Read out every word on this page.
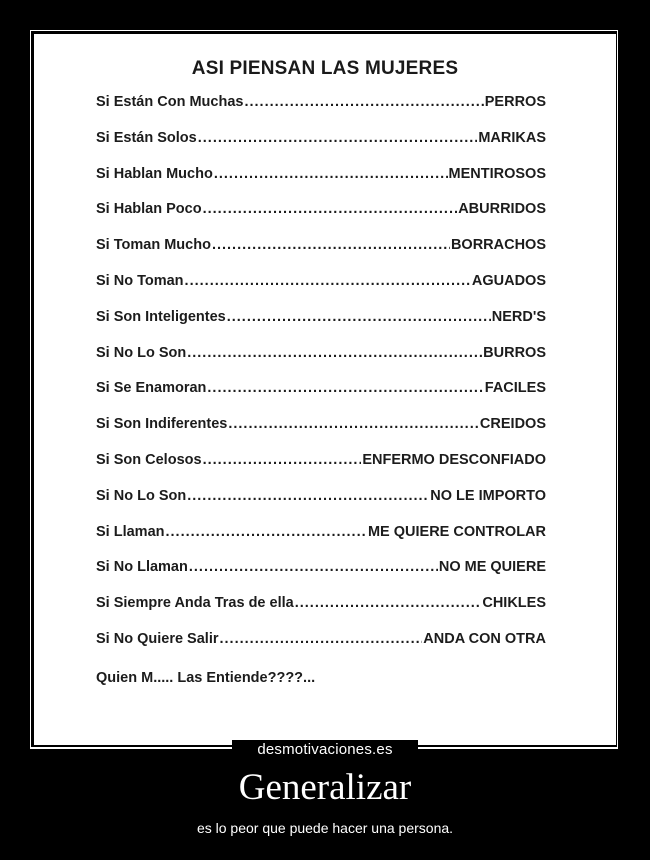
ASI PIENSAN LAS MUJERES
Si Están Con Muchas .....	PERROS
Si Están Solos .....	MARIKAS
Si Hablan Mucho .....	MENTIROSOS
Si Hablan Poco .....	ABURRIDOS
Si Toman Mucho .....	BORRACHOS
Si No Toman .....	AGUADOS
Si Son Inteligentes .....	NERD'S
Si No Lo Son .....	BURROS
Si Se Enamoran .....	FACILES
Si Son Indiferentes .....	CREIDOS
Si Son Celosos .....	ENFERMO DESCONFIADO
Si No Lo Son .....	NO LE IMPORTO
Si Llaman .....	ME QUIERE CONTROLAR
Si No Llaman .....	NO ME QUIERE
Si Siempre Anda Tras de ella .....	CHIKLES
Si No Quiere Salir .....	ANDA CON OTRA
Quien M..... Las Entiende????...
desmotivaciones.es
Generalizar
es lo peor que puede hacer una persona.
